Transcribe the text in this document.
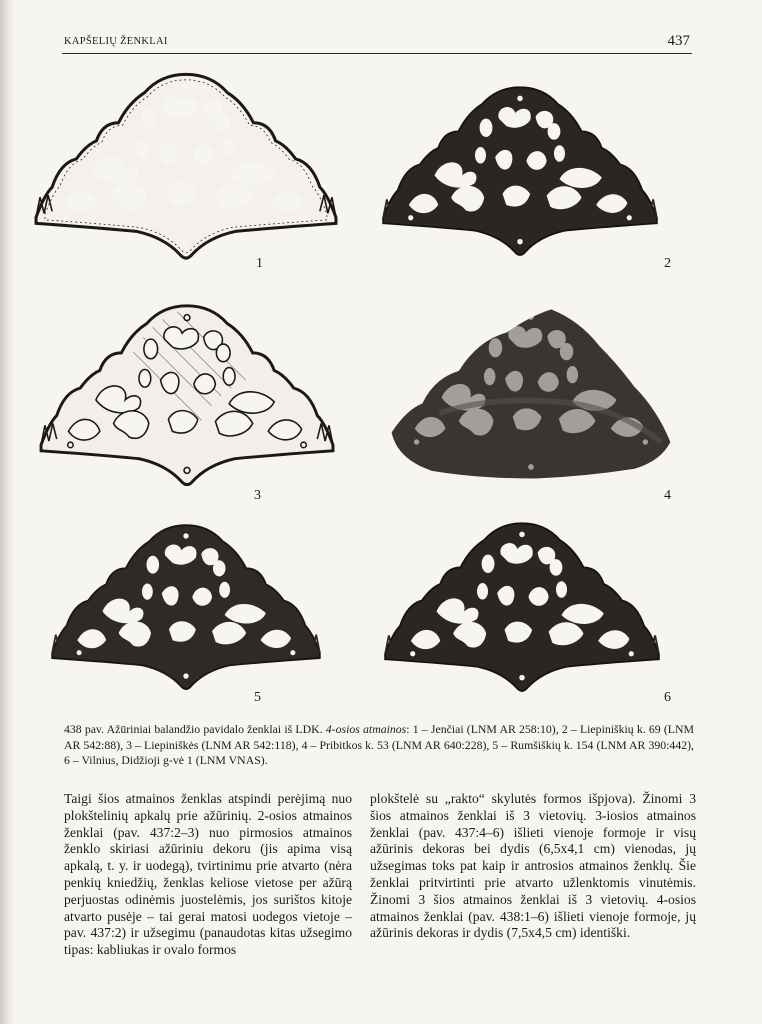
KAPŠELIŲ ŽENKLAI	437
1	2
3	4
5	6
438 pav. Ažūriniai balandžio pavidalo ženklai iš LDK. 4-osios atmainos: 1 – Jenčiai (LNM AR 258:10), 2 – Liepiniškių k. 69 (LNM AR 542:88), 3 – Liepiniškės (LNM AR 542:118), 4 – Pribitkos k. 53 (LNM AR 640:228), 5 – Rumšiškių k. 154 (LNM AR 390:442), 6 – Vilnius, Didžioji g-vė 1 (LNM VNAS).
Taigi šios atmainos ženklas atspindi perėjimą nuo plokštelinių apkalų prie ažūrinių. 2-osios atmainos ženklai (pav. 437:2–3) nuo pirmosios atmainos ženklo skiriasi ažūriniu dekoru (jis apima visą apkalą, t. y. ir uodegą), tvirtinimu prie atvarto (nėra penkių kniedžių, ženklas keliose vietose per ažūrą perjuostas odinėmis juostelėmis, jos surištos kitoje atvarto pusėje – tai gerai matosi uodegos vietoje – pav. 437:2) ir užsegimu (panaudotas kitas užsegimo tipas: kabliukas ir ovalo formos
plokštelė su „rakto“ skylutės formos išpjova). Žinomi 3 šios atmainos ženklai iš 3 vietovių. 3-iosios atmainos ženklai (pav. 437:4–6) išlieti vienoje formoje ir visų ažūrinis dekoras bei dydis (6,5x4,1 cm) vienodas, jų užsegimas toks pat kaip ir antrosios atmainos ženklų. Šie ženklai pritvirtinti prie atvarto užlenktomis vinutėmis. Žinomi 3 šios atmainos ženklai iš 3 vietovių. 4-osios atmainos ženklai (pav. 438:1–6) išlieti vienoje formoje, jų ažūrinis dekoras ir dydis (7,5x4,5 cm) identiški.
